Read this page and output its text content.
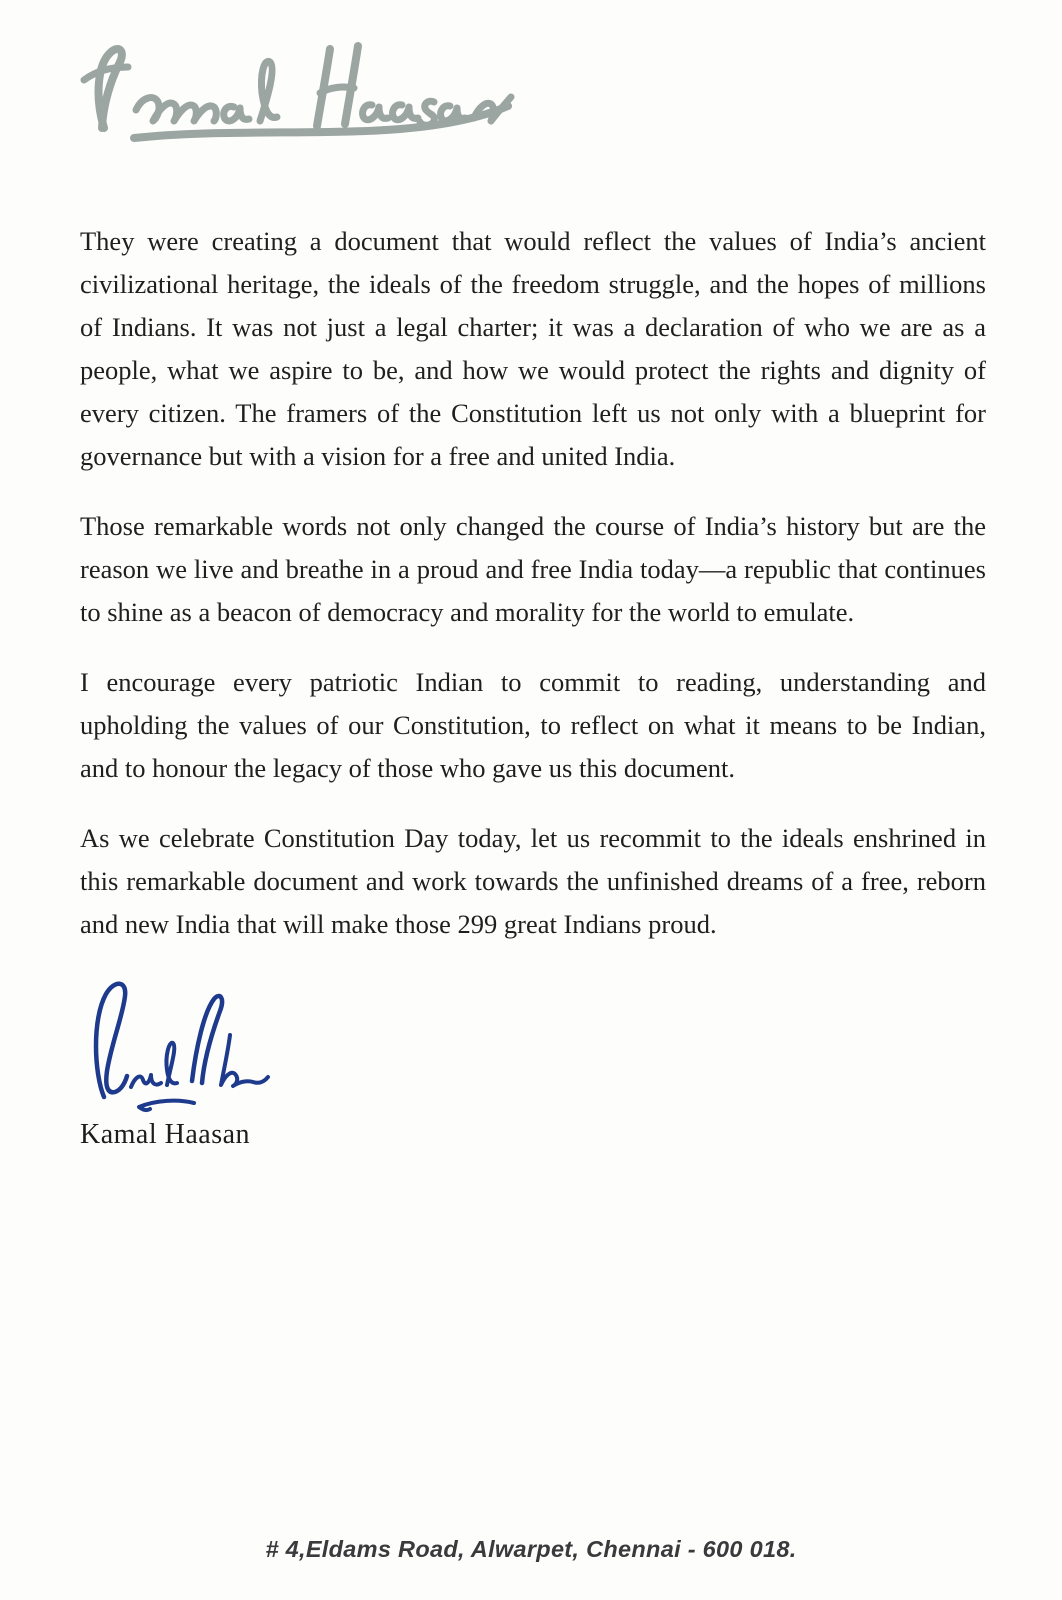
They were creating a document that would reflect the values of India’s ancient civilizational heritage, the ideals of the freedom struggle, and the hopes of millions of Indians. It was not just a legal charter; it was a declaration of who we are as a people, what we aspire to be, and how we would protect the rights and dignity of every citizen. The framers of the Constitution left us not only with a blueprint for governance but with a vision for a free and united India.

Those remarkable words not only changed the course of India’s history but are the reason we live and breathe in a proud and free India today—a republic that continues to shine as a beacon of democracy and morality for the world to emulate.

I encourage every patriotic Indian to commit to reading, understanding and upholding the values of our Constitution, to reflect on what it means to be Indian, and to honour the legacy of those who gave us this document.

As we celebrate Constitution Day today, let us recommit to the ideals enshrined in this remarkable document and work towards the unfinished dreams of a free, reborn and new India that will make those 299 great Indians proud.

Kamal Haasan
# 4,Eldams Road, Alwarpet, Chennai - 600 018.
